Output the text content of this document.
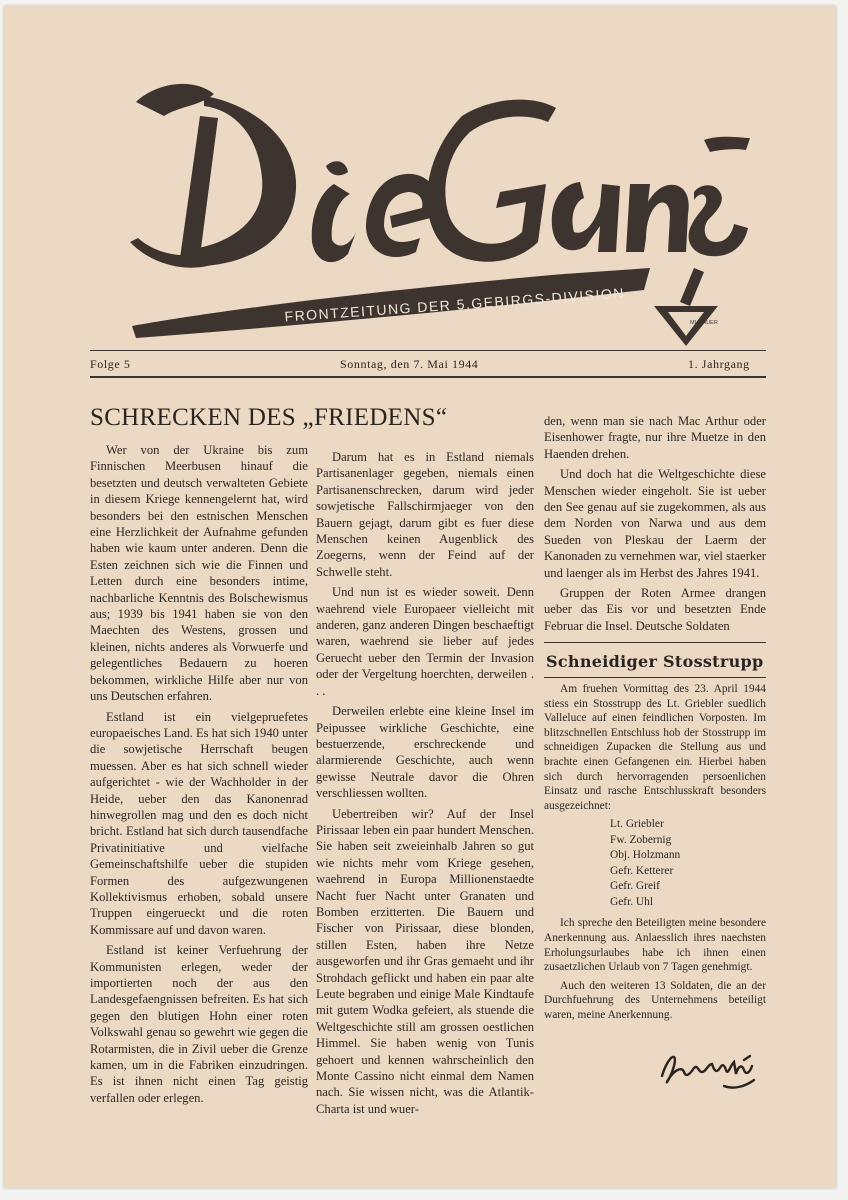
FRONTZEITUNG DER 5.GEBIRGS-DIVISION	MURAUER
Folge 5	Sonntag, den 7. Mai 1944	1. Jahrgang
SCHRECKEN DES „FRIEDENS“

Wer von der Ukraine bis zum Finnischen Meerbusen hinauf die besetzten und deutsch verwalteten Gebiete in diesem Kriege kennengelernt hat, wird besonders bei den estnischen Menschen eine Herzlichkeit der Aufnahme gefunden haben wie kaum unter anderen. Denn die Esten zeichnen sich wie die Finnen und Letten durch eine besonders intime, nachbarliche Kenntnis des Bolschewismus aus; 1939 bis 1941 haben sie von den Maechten des Westens, grossen und kleinen, nichts anderes als Vorwuerfe und gelegentliches Bedauern zu hoeren bekommen, wirkliche Hilfe aber nur von uns Deutschen erfahren.

Estland ist ein vielgepruefetes europaeisches Land. Es hat sich 1940 unter die sowjetische Herrschaft beugen muessen. Aber es hat sich schnell wieder aufgerichtet - wie der Wachholder in der Heide, ueber den das Kanonenrad hinwegrollen mag und den es doch nicht bricht. Estland hat sich durch tausendfache Privatinitiative und vielfache Gemeinschaftshilfe ueber die stupiden Formen des aufgezwungenen Kollektivismus erhoben, sobald unsere Truppen eingerueckt und die roten Kommissare auf und davon waren.

Estland ist keiner Verfuehrung der Kommunisten erlegen, weder der importierten noch der aus den Landesgefaengnissen befreiten. Es hat sich gegen den blutigen Hohn einer roten Volkswahl genau so gewehrt wie gegen die Rotarmisten, die in Zivil ueber die Grenze kamen, um in die Fabriken einzudringen. Es ist ihnen nicht einen Tag geistig verfallen oder erlegen.

Darum hat es in Estland niemals Partisanenlager gegeben, niemals einen Partisanenschrecken, darum wird jeder sowjetische Fallschirmjaeger von den Bauern gejagt, darum gibt es fuer diese Menschen keinen Augenblick des Zoegerns, wenn der Feind auf der Schwelle steht.

Und nun ist es wieder soweit. Denn waehrend viele Europaeer vielleicht mit anderen, ganz anderen Dingen beschaeftigt waren, waehrend sie lieber auf jedes Geruecht ueber den Termin der Invasion oder der Vergeltung hoerchten, derweilen . . .

Derweilen erlebte eine kleine Insel im Peipussee wirkliche Geschichte, eine bestuerzende, erschreckende und alarmierende Geschichte, auch wenn gewisse Neutrale davor die Ohren verschliessen wollten.

Uebertreiben wir? Auf der Insel Pirissaar leben ein paar hundert Menschen. Sie haben seit zweieinhalb Jahren so gut wie nichts mehr vom Kriege gesehen, waehrend in Europa Millionenstaedte Nacht fuer Nacht unter Granaten und Bomben erzitterten. Die Bauern und Fischer von Pirissaar, diese blonden, stillen Esten, haben ihre Netze ausgeworfen und ihr Gras gemaeht und ihr Strohdach geflickt und haben ein paar alte Leute begraben und einige Male Kindtaufe mit gutem Wodka gefeiert, als stuende die Weltgeschichte still am grossen oestlichen Himmel. Sie haben wenig von Tunis gehoert und kennen wahrscheinlich den Monte Cassino nicht einmal dem Namen nach. Sie wissen nicht, was die Atlantik-Charta ist und wuer-

den, wenn man sie nach Mac Arthur oder Eisenhower fragte, nur ihre Muetze in den Haenden drehen.

Und doch hat die Weltgeschichte diese Menschen wieder eingeholt. Sie ist ueber den See genau auf sie zugekommen, als aus dem Norden von Narwa und aus dem Sueden von Pleskau der Laerm der Kanonaden zu vernehmen war, viel staerker und laenger als im Herbst des Jahres 1941.

Gruppen der Roten Armee drangen ueber das Eis vor und besetzten Ende Februar die Insel. Deutsche Soldaten

Schneidiger Stosstrupp

Am fruehen Vormittag des 23. April 1944 stiess ein Stosstrupp des Lt. Griebler suedlich Valleluce auf einen feindlichen Vorposten. Im blitzschnellen Entschluss hob der Stosstrupp im schneidigen Zupacken die Stellung aus und brachte einen Gefangenen ein. Hierbei haben sich durch hervorragenden persoenlichen Einsatz und rasche Entschlusskraft besonders ausgezeichnet:

Lt. Griebler
Fw. Zobernig
Obj. Holzmann
Gefr. Ketterer
Gefr. Greif
Gefr. Uhl

Ich spreche den Beteiligten meine besondere Anerkennung aus. Anlaesslich ihres naechsten Erholungsurlaubes habe ich ihnen einen zusaetzlichen Urlaub von 7 Tagen genehmigt.

Auch den weiteren 13 Soldaten, die an der Durchfuehrung des Unternehmens beteiligt waren, meine Anerkennung.
